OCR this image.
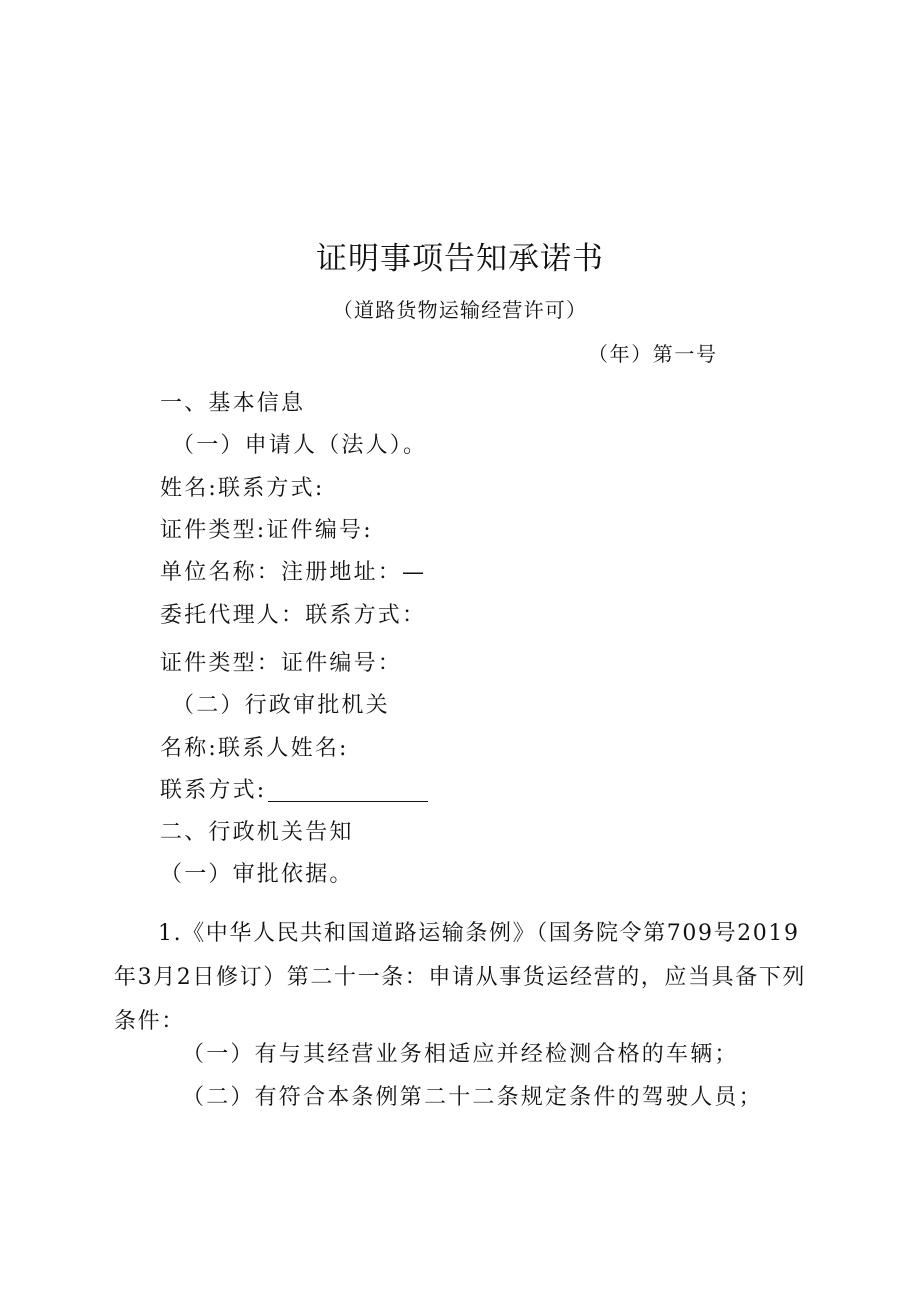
证明事项告知承诺书
（道路货物运输经营许可）
（年）第一号
一、基本信息
（一）申请人（法人）。
姓名:联系方式:
证件类型:证件编号:
单位名称：注册地址：—
委托代理人：联系方式：
证件类型：证件编号：
（二）行政审批机关
名称:联系人姓名:
联系方式:
二、行政机关告知
（一）审批依据。

1.《中华人民共和国道路运输条例》（国务院令第709号2019年3月2日修订）第二十一条：申请从事货运经营的，应当具备下列条件：

（一）有与其经营业务相适应并经检测合格的车辆；
（二）有符合本条例第二十二条规定条件的驾驶人员；
